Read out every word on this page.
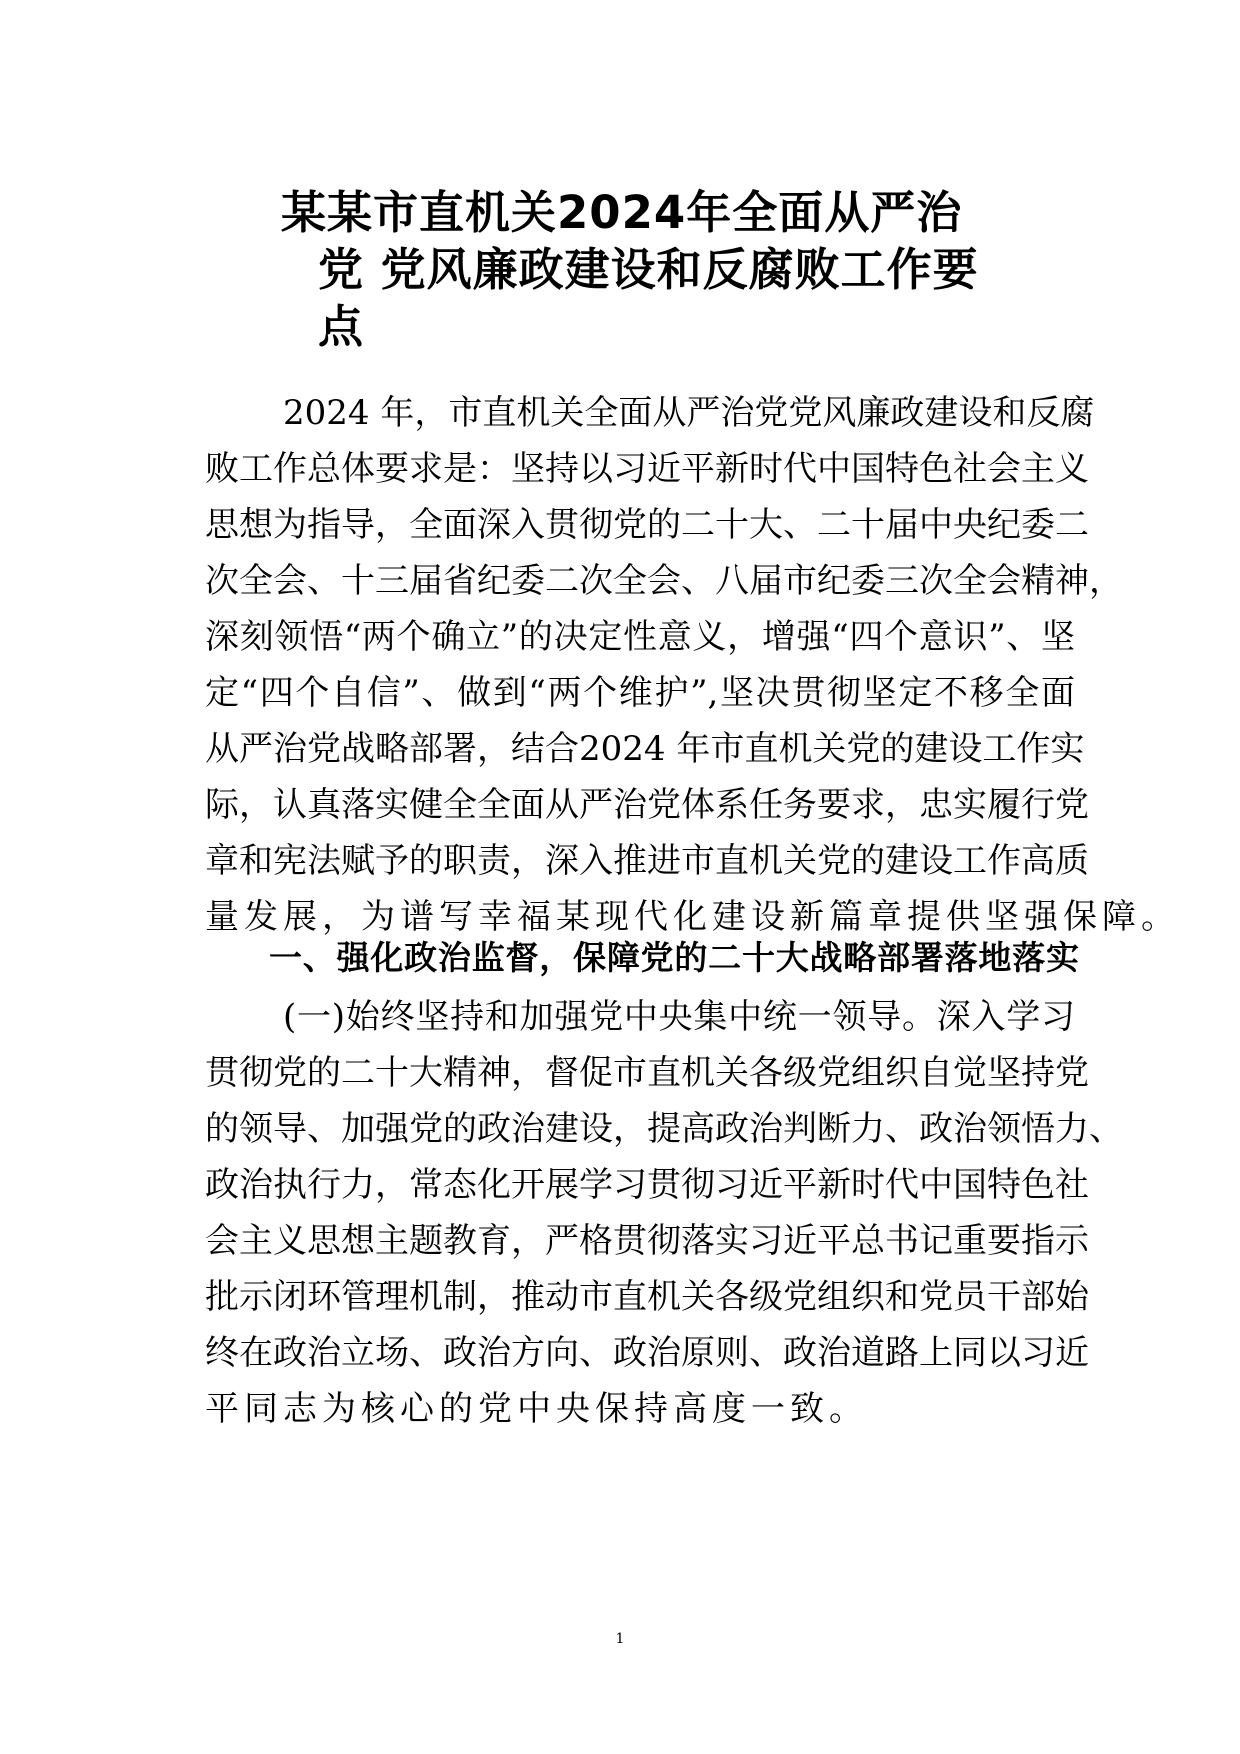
某某市直机关2024年全面从严治
党 党风廉政建设和反腐败工作要
点
2024 年，市直机关全面从严治党党风廉政建设和反腐
败工作总体要求是：坚持以习近平新时代中国特色社会主义
思想为指导，全面深入贯彻党的二十大、二十届中央纪委二
次全会、十三届省纪委二次全会、八届市纪委三次全会精神，
深刻领悟“两个确立”的决定性意义，增强“四个意识”、坚
定“四个自信”、做到“两个维护”,坚决贯彻坚定不移全面
从严治党战略部署，结合2024 年市直机关党的建设工作实
际，认真落实健全全面从严治党体系任务要求，忠实履行党
章和宪法赋予的职责，深入推进市直机关党的建设工作高质
量发展，为谱写幸福某现代化建设新篇章提供坚强保障。
一、强化政治监督，保障党的二十大战略部署落地落实
(一)始终坚持和加强党中央集中统一领导。深入学习
贯彻党的二十大精神，督促市直机关各级党组织自觉坚持党
的领导、加强党的政治建设，提高政治判断力、政治领悟力、
政治执行力，常态化开展学习贯彻习近平新时代中国特色社
会主义思想主题教育，严格贯彻落实习近平总书记重要指示
批示闭环管理机制，推动市直机关各级党组织和党员干部始
终在政治立场、政治方向、政治原则、政治道路上同以习近
平同志为核心的党中央保持高度一致。
1
